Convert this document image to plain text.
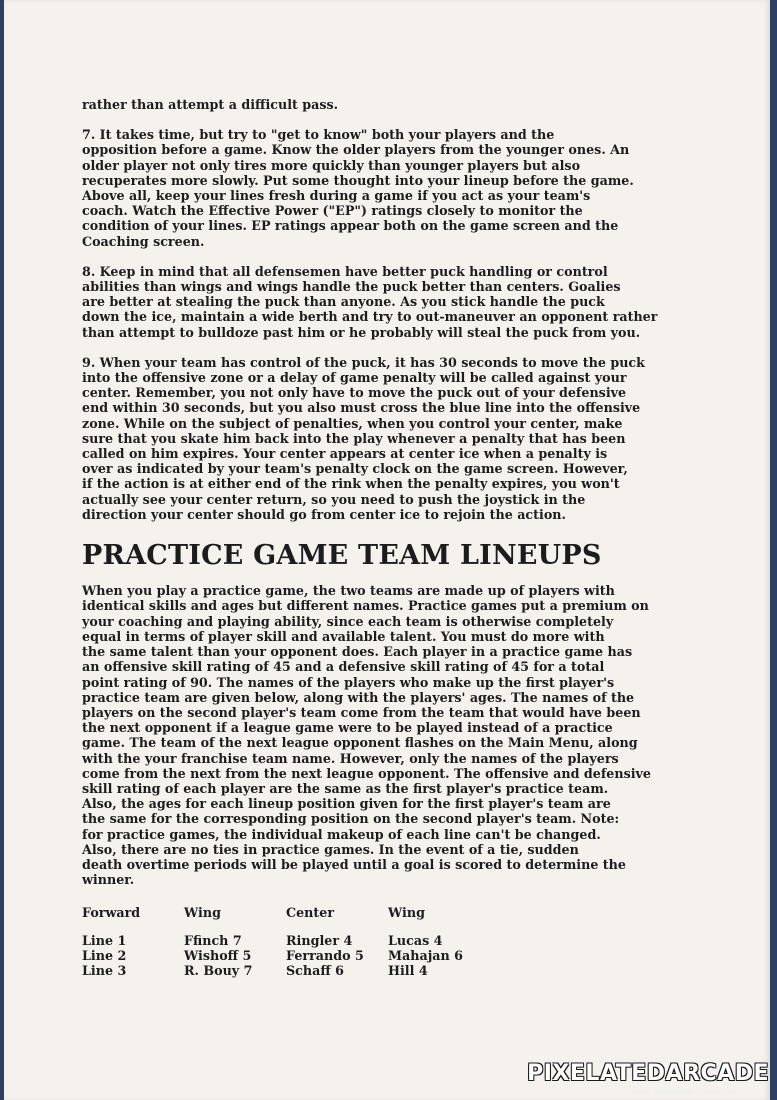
rather than attempt a difficult pass.

7. It takes time, but try to "get to know" both your players and the
opposition before a game. Know the older players from the younger ones. An
older player not only tires more quickly than younger players but also
recuperates more slowly. Put some thought into your lineup before the game.
Above all, keep your lines fresh during a game if you act as your team's
coach. Watch the Effective Power ("EP") ratings closely to monitor the
condition of your lines. EP ratings appear both on the game screen and the
Coaching screen.

8. Keep in mind that all defensemen have better puck handling or control
abilities than wings and wings handle the puck better than centers. Goalies
are better at stealing the puck than anyone. As you stick handle the puck
down the ice, maintain a wide berth and try to out-maneuver an opponent rather
than attempt to bulldoze past him or he probably will steal the puck from you.

9. When your team has control of the puck, it has 30 seconds to move the puck
into the offensive zone or a delay of game penalty will be called against your
center. Remember, you not only have to move the puck out of your defensive
end within 30 seconds, but you also must cross the blue line into the offensive
zone. While on the subject of penalties, when you control your center, make
sure that you skate him back into the play whenever a penalty that has been
called on him expires. Your center appears at center ice when a penalty is
over as indicated by your team's penalty clock on the game screen. However,
if the action is at either end of the rink when the penalty expires, you won't
actually see your center return, so you need to push the joystick in the
direction your center should go from center ice to rejoin the action.

PRACTICE GAME TEAM LINEUPS

When you play a practice game, the two teams are made up of players with
identical skills and ages but different names. Practice games put a premium on
your coaching and playing ability, since each team is otherwise completely
equal in terms of player skill and available talent. You must do more with
the same talent than your opponent does. Each player in a practice game has
an offensive skill rating of 45 and a defensive skill rating of 45 for a total
point rating of 90. The names of the players who make up the first player's
practice team are given below, along with the players' ages. The names of the
players on the second player's team come from the team that would have been
the next opponent if a league game were to be played instead of a practice
game. The team of the next league opponent flashes on the Main Menu, along
with the your franchise team name. However, only the names of the players
come from the next from the next league opponent. The offensive and defensive
skill rating of each player are the same as the first player's practice team.
Also, the ages for each lineup position given for the first player's team are
the same for the corresponding position on the second player's team. Note:
for practice games, the individual makeup of each line can't be changed.
Also, there are no ties in practice games. In the event of a tie, sudden
death overtime periods will be played until a goal is scored to determine the
winner.

Forward	Wing	Center	Wing
Line 1	Ffinch 7	Ringler 4	Lucas 4
Line 2	Wishoff 5	Ferrando 5	Mahajan 6
Line 3	R. Bouy 7	Schaff 6	Hill 4
PIXELATEDARCADE
www.pixelatedarcade.com
